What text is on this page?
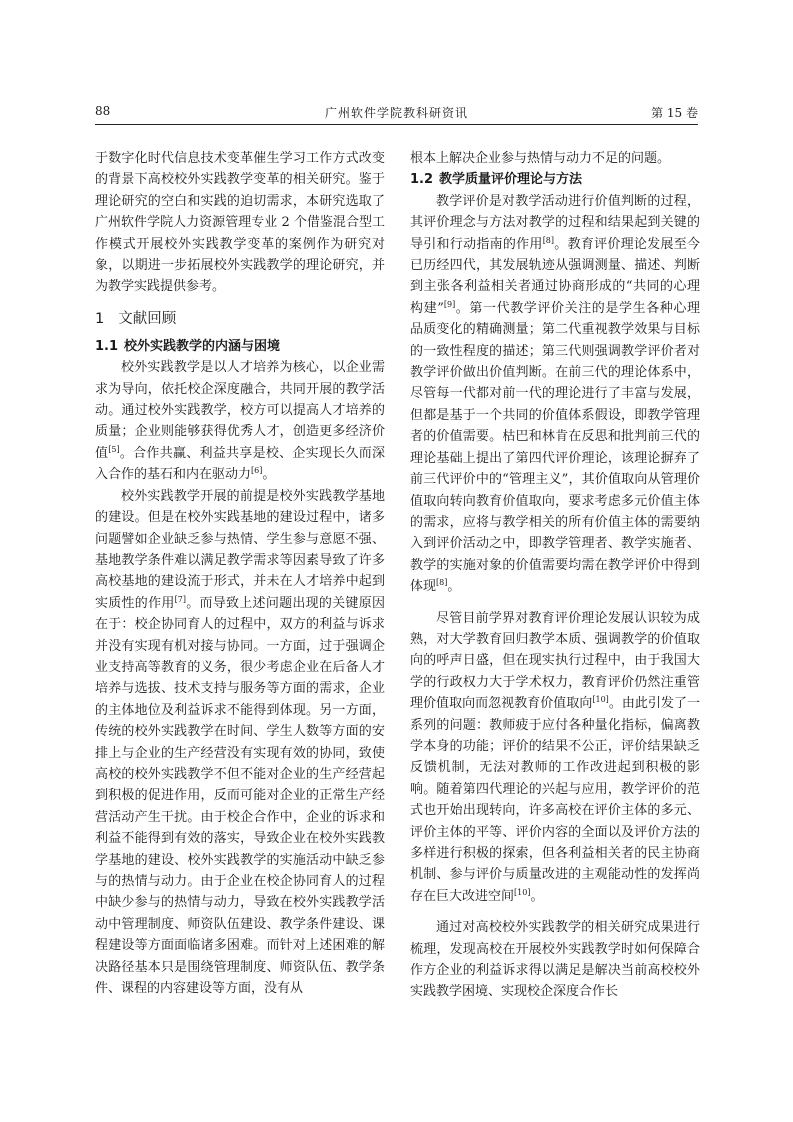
88	广州软件学院教科研资讯	第 15 卷

于数字化时代信息技术变革催生学习工作方式改变的背景下高校校外实践教学变革的相关研究。鉴于理论研究的空白和实践的迫切需求，本研究选取了广州软件学院人力资源管理专业 2 个借鉴混合型工作模式开展校外实践教学变革的案例作为研究对象，以期进一步拓展校外实践教学的理论研究，并为教学实践提供参考。

1 文献回顾
1.1 校外实践教学的内涵与困境

校外实践教学是以人才培养为核心，以企业需求为导向，依托校企深度融合，共同开展的教学活动。通过校外实践教学，校方可以提高人才培养的质量；企业则能够获得优秀人才，创造更多经济价值[5]。合作共赢、利益共享是校、企实现长久而深入合作的基石和内在驱动力[6]。

校外实践教学开展的前提是校外实践教学基地的建设。但是在校外实践基地的建设过程中，诸多问题譬如企业缺乏参与热情、学生参与意愿不强、基地教学条件难以满足教学需求等因素导致了许多高校基地的建设流于形式，并未在人才培养中起到实质性的作用[7]。而导致上述问题出现的关键原因在于：校企协同育人的过程中，双方的利益与诉求并没有实现有机对接与协同。一方面，过于强调企业支持高等教育的义务，很少考虑企业在后备人才培养与选拔、技术支持与服务等方面的需求，企业的主体地位及利益诉求不能得到体现。另一方面，传统的校外实践教学在时间、学生人数等方面的安排上与企业的生产经营没有实现有效的协同，致使高校的校外实践教学不但不能对企业的生产经营起到积极的促进作用，反而可能对企业的正常生产经营活动产生干扰。由于校企合作中，企业的诉求和利益不能得到有效的落实，导致企业在校外实践教学基地的建设、校外实践教学的实施活动中缺乏参与的热情与动力。由于企业在校企协同育人的过程中缺少参与的热情与动力，导致在校外实践教学活动中管理制度、师资队伍建设、教学条件建设、课程建设等方面面临诸多困难。而针对上述困难的解决路径基本只是围绕管理制度、师资队伍、教学条件、课程的内容建设等方面，没有从

根本上解决企业参与热情与动力不足的问题。

1.2 教学质量评价理论与方法

教学评价是对教学活动进行价值判断的过程，其评价理念与方法对教学的过程和结果起到关键的导引和行动指南的作用[8]。教育评价理论发展至今已历经四代，其发展轨迹从强调测量、描述、判断到主张各利益相关者通过协商形成的“共同的心理构建”[9]。第一代教学评价关注的是学生各种心理品质变化的精确测量；第二代重视教学效果与目标的一致性程度的描述；第三代则强调教学评价者对教学评价做出价值判断。在前三代的理论体系中，尽管每一代都对前一代的理论进行了丰富与发展，但都是基于一个共同的价值体系假设，即教学管理者的价值需要。枯巴和林肯在反思和批判前三代的理论基础上提出了第四代评价理论，该理论摒弃了前三代评价中的“管理主义”，其价值取向从管理价值取向转向教育价值取向，要求考虑多元价值主体的需求，应将与教学相关的所有价值主体的需要纳入到评价活动之中，即教学管理者、教学实施者、教学的实施对象的价值需要均需在教学评价中得到体现[8]。

尽管目前学界对教育评价理论发展认识较为成熟，对大学教育回归教学本质、强调教学的价值取向的呼声日盛，但在现实执行过程中，由于我国大学的行政权力大于学术权力，教育评价仍然注重管理价值取向而忽视教育价值取向[10]。由此引发了一系列的问题：教师疲于应付各种量化指标，偏离教学本身的功能；评价的结果不公正，评价结果缺乏反馈机制，无法对教师的工作改进起到积极的影响。随着第四代理论的兴起与应用，教学评价的范式也开始出现转向，许多高校在评价主体的多元、评价主体的平等、评价内容的全面以及评价方法的多样进行积极的探索，但各利益相关者的民主协商机制、参与评价与质量改进的主观能动性的发挥尚存在巨大改进空间[10]。

通过对高校校外实践教学的相关研究成果进行梳理，发现高校在开展校外实践教学时如何保障合作方企业的利益诉求得以满足是解决当前高校校外实践教学困境、实现校企深度合作长
